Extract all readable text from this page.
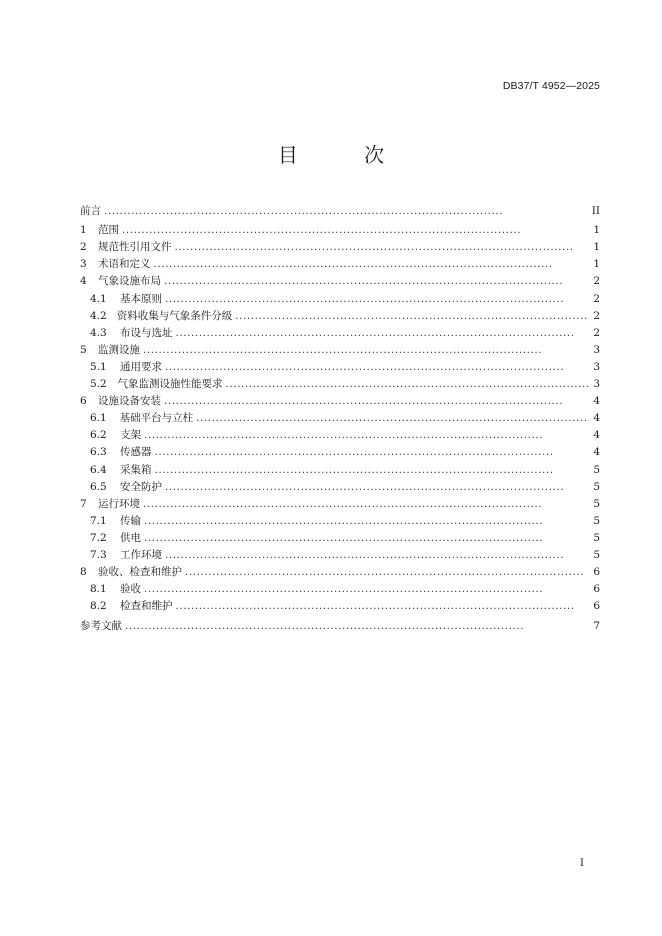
DB37/T 4952—2025
目 次
前言 . . .	II
1	范围 . . .	1
2	规范性引用文件 . . .	1
3	术语和定义 . . .	1
4	气象设施布局 . . .	2
4.1	基本原则 . . .	2
4.2 资料收集与气象条件分级 . . .	2
4.3	布设与选址 . . .	2
5	监测设施 . . .	3
5.1	通用要求 . . .	3
5.2	气象监测设施性能要求 . . .	3
6	设施设备安装 . . .	4
6.1	基础平台与立柱 . . .	4
6.2	支架 . . .	4
6.3	传感器 . . .	4
6.4	采集箱 . . .	5
6.5	安全防护 . . .	5
7	运行环境 . . .	5
7.1	传输 . . .	5
7.2	供电 . . .	5
7.3	工作环境 . . .	5
8	验收、检查和维护 . . .	6
8.1	验收 . . .	6
8.2	检查和维护 . . .	6
参考文献 . . .	7
I
